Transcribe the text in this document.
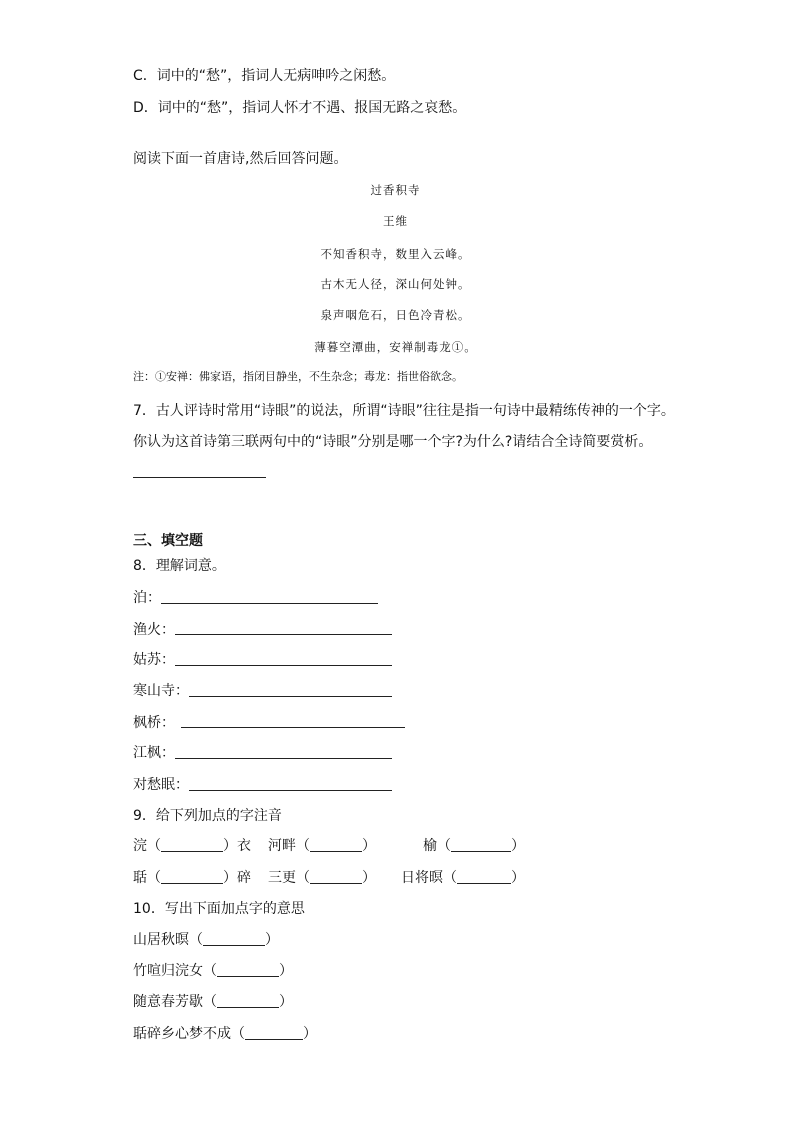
C．词中的“愁”，指词人无病呻吟之闲愁。
D．词中的“愁”，指词人怀才不遇、报国无路之哀愁。
阅读下面一首唐诗,然后回答问题。
过香积寺
王维
不知香积寺，数里入云峰。
古木无人径，深山何处钟。
泉声咽危石，日色冷青松。
薄暮空潭曲，安禅制毒龙①。
注：①安禅：佛家语，指闭目静坐，不生杂念；毒龙：指世俗欲念。
7．古人评诗时常用“诗眼”的说法，所谓“诗眼”往往是指一句诗中最精练传神的一个字。
你认为这首诗第三联两句中的“诗眼”分别是哪一个字?为什么?请结合全诗简要赏析。
三、填空题
8．理解词意。
泊：
渔火：
姑苏：
寒山寺：
枫桥：
江枫：
对愁眠：
9．给下列加点的字注音
浣（	）衣 河畔（	）	榆（	）
聒（	）碎 三更（	） 日将暝（	）
10．写出下面加点字的意思
山居秋暝（	）
竹喧归浣女（	）
随意春芳歇（	）
聒碎乡心梦不成（	）
